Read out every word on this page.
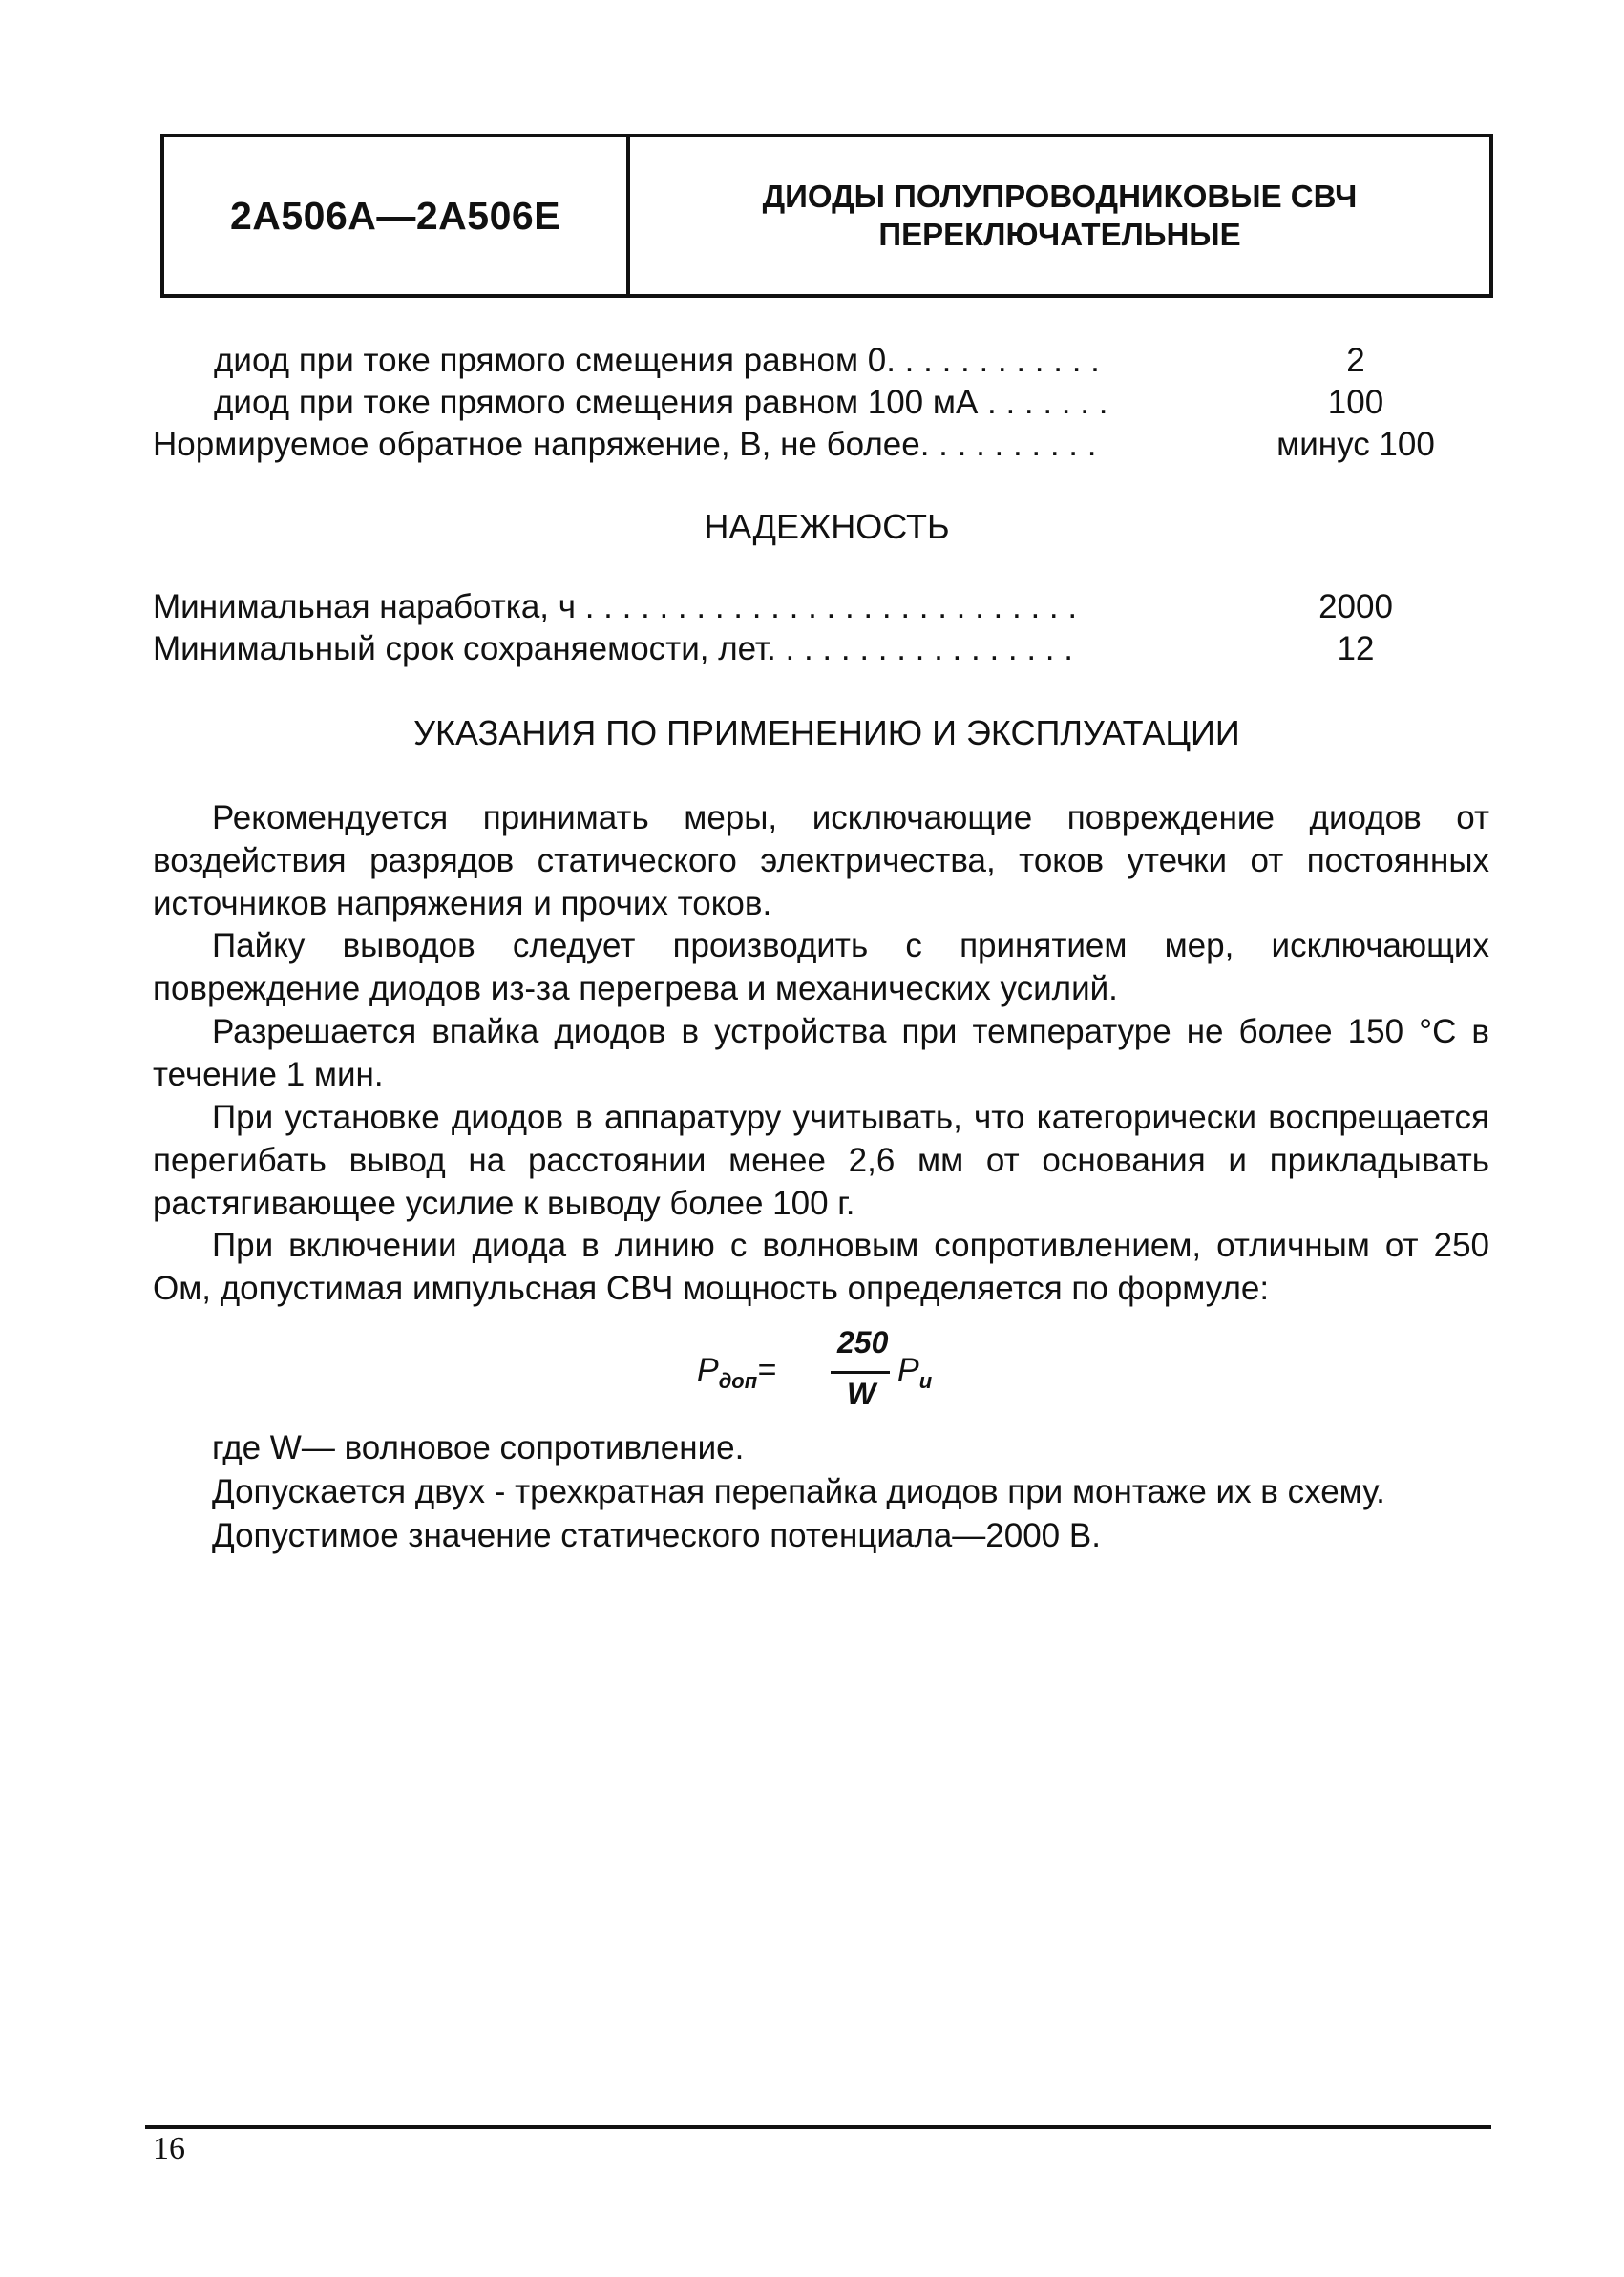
2А506А—2А506Е	ДИОДЫ ПОЛУПРОВОДНИКОВЫЕ СВЧ
ПЕРЕКЛЮЧАТЕЛЬНЫЕ
диод при токе прямого смещения равном 0. . . . . . . . . . . .	2
диод при токе прямого смещения равном 100 мА . . . . . . .	100
Нормируемое обратное напряжение, В, не более. . . . . . . . . .	минус 100
НАДЕЖНОСТЬ
Минимальная наработка, ч . . . . . . . . . . . . . . . . . . . . . . . . . . .	2000
Минимальный срок сохраняемости, лет. . . . . . . . . . . . . . . . .	12
УКАЗАНИЯ ПО ПРИМЕНЕНИЮ И ЭКСПЛУАТАЦИИ

Рекомендуется принимать меры, исключающие повреждение диодов от воздействия разрядов статического электричества, токов утечки от постоянных источников напряжения и прочих токов.

Пайку выводов следует производить с принятием мер, исключающих повреждение диодов из-за перегрева и механических усилий.

Разрешается впайка диодов в устройства при температуре не более 150 °С в течение 1 мин.

При установке диодов в аппаратуру учитывать, что категорически воспрещается перегибать вывод на расстоянии менее 2,6 мм от основания и прикладывать растягивающее усилие к выводу более 100 г.

При включении диода в линию с волновым сопротивлением, отличным от 250 Ом, допустимая импульсная СВЧ мощность определяется по формуле:

$P_{доп}=$
250
W
$P_и$
где W— волновое сопротивление.
Допускается двух - трехкратная перепайка диодов при монтаже их в схему.
Допустимое значение статического потенциала—2000 В.
16
